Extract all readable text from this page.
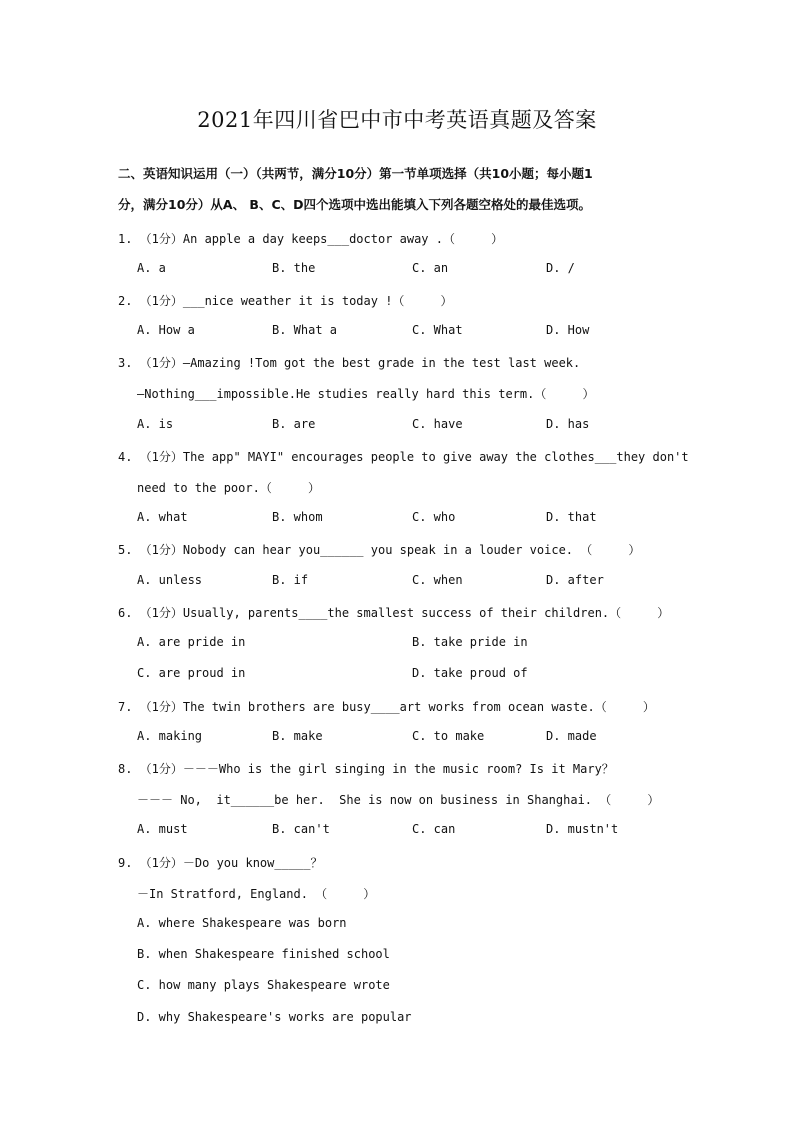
2021年四川省巴中市中考英语真题及答案
二、英语知识运用（一）（共两节，满分10分）第一节单项选择（共10小题；每小题1
分，满分10分）从A、 B、C、D四个选项中选出能填入下列各题空格处的最佳选项。
1. （1分）An apple a day keeps___doctor away .（     ）
A. a	B. the	C. an	D. /
2. （1分）___nice weather it is today !（     ）
A. How a	B. What a	C. What	D. How
3. （1分）—Amazing !Tom got the best grade in the test last week.
—Nothing___impossible.He studies really hard this term.（     ）
A. is	B. are	C. have	D. has
4. （1分）The app" MAYI" encourages people to give away the clothes___they don't
need to the poor.（     ）
A. what	B. whom	C. who	D. that
5. （1分）Nobody can hear you______ you speak in a louder voice. （     ）
A. unless	B. if	C. when	D. after
6. （1分）Usually, parents____the smallest success of their children.（     ）
A. are pride in	B. take pride in
C. are proud in	D. take proud of
7. （1分）The twin brothers are busy____art works from ocean waste.（     ）
A. making	B. make	C. to make	D. made
8. （1分）－－－Who is the girl singing in the music room? Is it Mary？
－－－ No,  it______be her.  She is now on business in Shanghai. （     ）
A. must	B. can't	C. can	D. mustn't
9. （1分）－Do you know_____？
－In Stratford, England. （     ）
A. where Shakespeare was born
B. when Shakespeare finished school
C. how many plays Shakespeare wrote
D. why Shakespeare's works are popular
